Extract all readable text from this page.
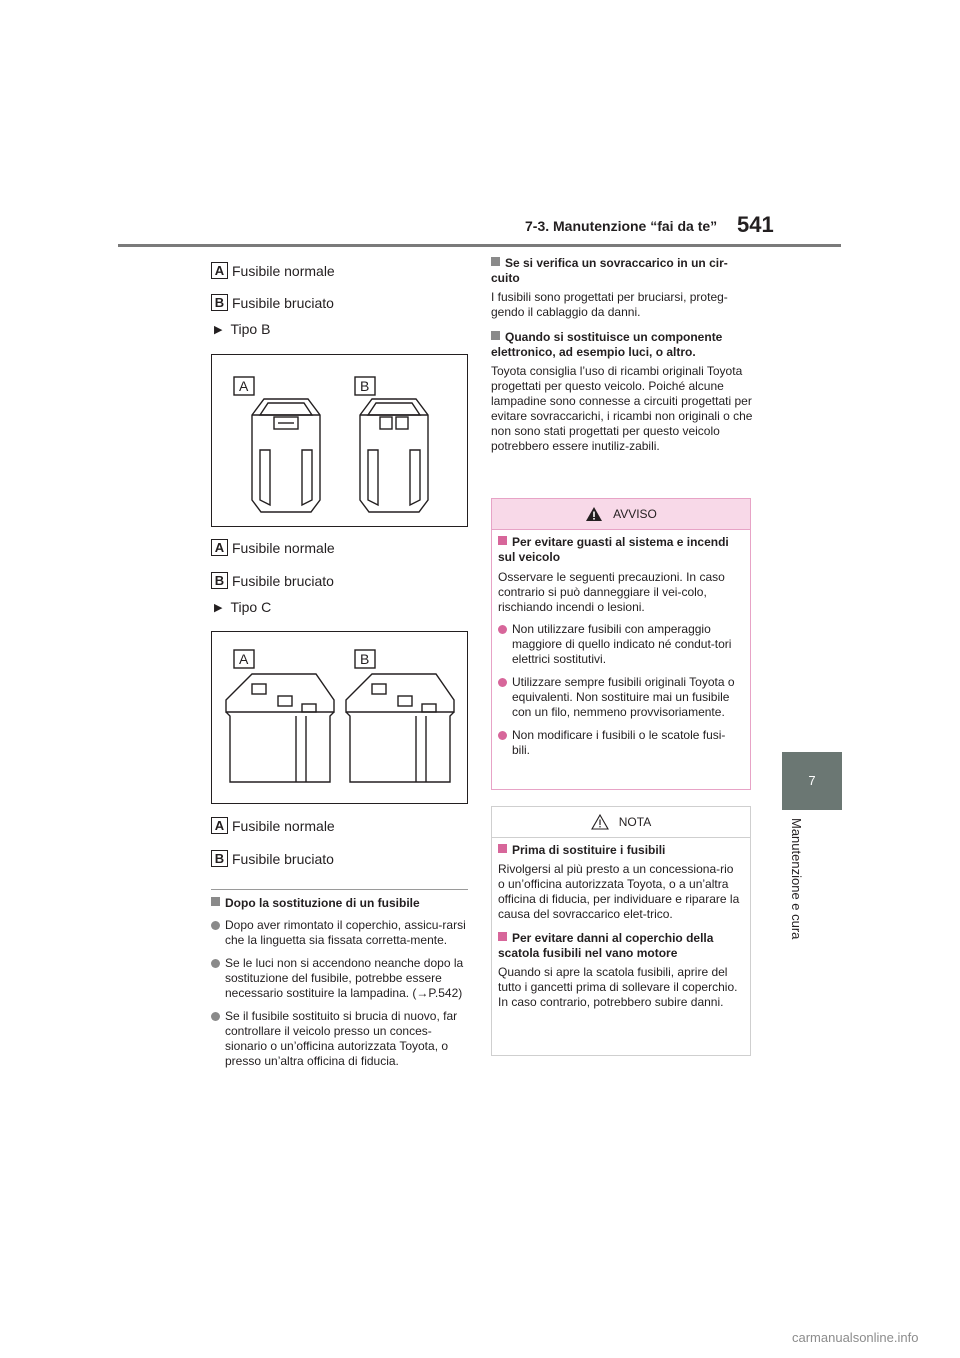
7-3. Manutenzione “fai da te” 541
7
Manutenzione e cura
A Fusibile normale
B Fusibile bruciato
▶ Tipo B
A	B
A Fusibile normale
B Fusibile bruciato
▶ Tipo C
A	B
A Fusibile normale
B Fusibile bruciato
Dopo la sostituzione di un fusibile
Dopo aver rimontato il coperchio, assicu-rarsi che la linguetta sia fissata corretta-mente.
Se le luci non si accendono neanche dopo la sostituzione del fusibile, potrebbe essere necessario sostituire la lampadina. (→P.542)
Se il fusibile sostituito si brucia di nuovo, far controllare il veicolo presso un conces-sionario o un’officina autorizzata Toyota, o presso un’altra officina di fiducia.
Se si verifica un sovraccarico in un cir-cuito
I fusibili sono progettati per bruciarsi, proteg-gendo il cablaggio da danni.
Quando si sostituisce un componente elettronico, ad esempio luci, o altro.
Toyota consiglia l’uso di ricambi originali Toyota progettati per questo veicolo. Poiché alcune lampadine sono connesse a circuiti progettati per evitare sovraccarichi, i ricambi non originali o che non sono stati progettati per questo veicolo potrebbero essere inutiliz-zabili.
AVVISO
Per evitare guasti al sistema e incendi sul veicolo
Osservare le seguenti precauzioni. In caso contrario si può danneggiare il vei-colo, rischiando incendi o lesioni.
Non utilizzare fusibili con amperaggio maggiore di quello indicato né condut-tori elettrici sostitutivi.
Utilizzare sempre fusibili originali Toyota o equivalenti. Non sostituire mai un fusibile con un filo, nemmeno provvisoriamente.
Non modificare i fusibili o le scatole fusi-bili.
NOTA
Prima di sostituire i fusibili
Rivolgersi al più presto a un concessiona-rio o un’officina autorizzata Toyota, o a un’altra officina di fiducia, per individuare e riparare la causa del sovraccarico elet-trico.
Per evitare danni al coperchio della scatola fusibili nel vano motore
Quando si apre la scatola fusibili, aprire del tutto i gancetti prima di sollevare il coperchio. In caso contrario, potrebbero subire danni.
carmanualsonline.info
